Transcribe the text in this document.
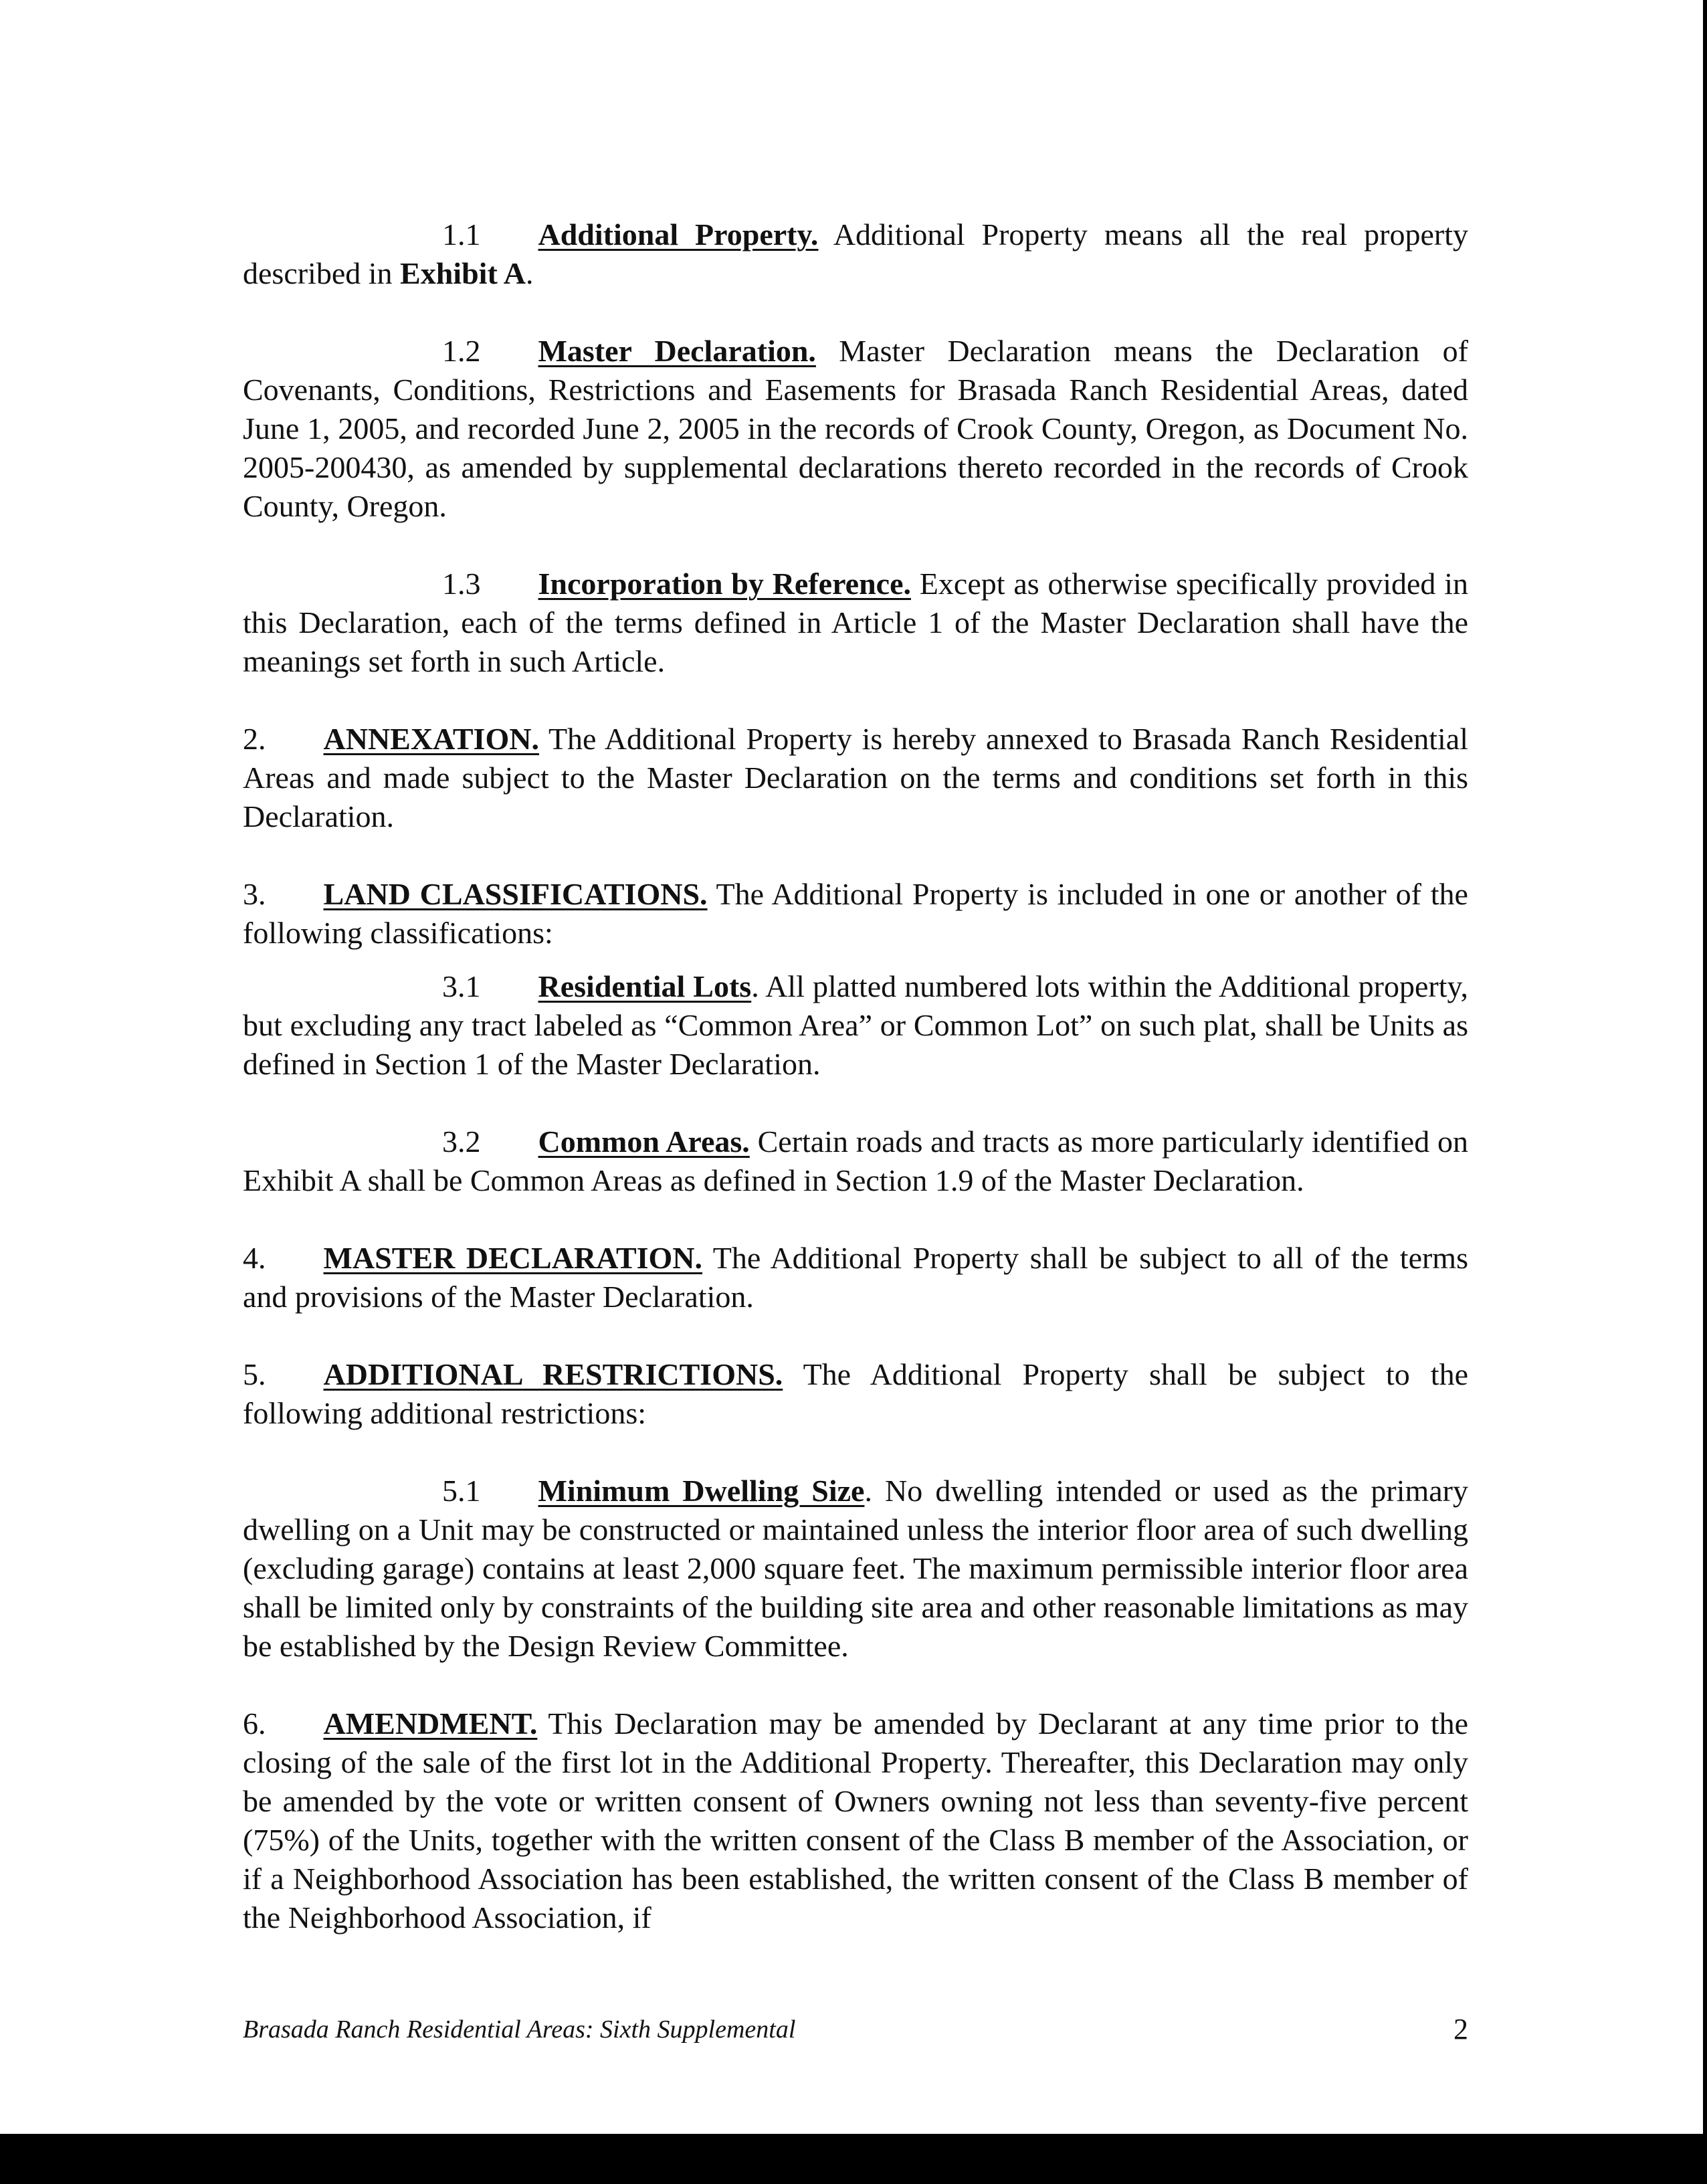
1.1 Additional Property. Additional Property means all the real property described in Exhibit A.

1.2 Master Declaration. Master Declaration means the Declaration of Covenants, Conditions, Restrictions and Easements for Brasada Ranch Residential Areas, dated June 1, 2005, and recorded June 2, 2005 in the records of Crook County, Oregon, as Document No. 2005-200430, as amended by supplemental declarations thereto recorded in the records of Crook County, Oregon.

1.3 Incorporation by Reference. Except as otherwise specifically provided in this Declaration, each of the terms defined in Article 1 of the Master Declaration shall have the meanings set forth in such Article.

2. ANNEXATION. The Additional Property is hereby annexed to Brasada Ranch Residential Areas and made subject to the Master Declaration on the terms and conditions set forth in this Declaration.

3. LAND CLASSIFICATIONS. The Additional Property is included in one or another of the following classifications:

3.1 Residential Lots. All platted numbered lots within the Additional property, but excluding any tract labeled as “Common Area” or Common Lot” on such plat, shall be Units as defined in Section 1 of the Master Declaration.

3.2 Common Areas. Certain roads and tracts as more particularly identified on Exhibit A shall be Common Areas as defined in Section 1.9 of the Master Declaration.

4. MASTER DECLARATION. The Additional Property shall be subject to all of the terms and provisions of the Master Declaration.

5. ADDITIONAL RESTRICTIONS. The Additional Property shall be subject to the following additional restrictions:

5.1 Minimum Dwelling Size. No dwelling intended or used as the primary dwelling on a Unit may be constructed or maintained unless the interior floor area of such dwelling (excluding garage) contains at least 2,000 square feet. The maximum permissible interior floor area shall be limited only by constraints of the building site area and other reasonable limitations as may be established by the Design Review Committee.

6. AMENDMENT. This Declaration may be amended by Declarant at any time prior to the closing of the sale of the first lot in the Additional Property. Thereafter, this Declaration may only be amended by the vote or written consent of Owners owning not less than seventy-five percent (75%) of the Units, together with the written consent of the Class B member of the Association, or if a Neighborhood Association has been established, the written consent of the Class B member of the Neighborhood Association, if

Brasada Ranch Residential Areas: Sixth Supplemental	2
